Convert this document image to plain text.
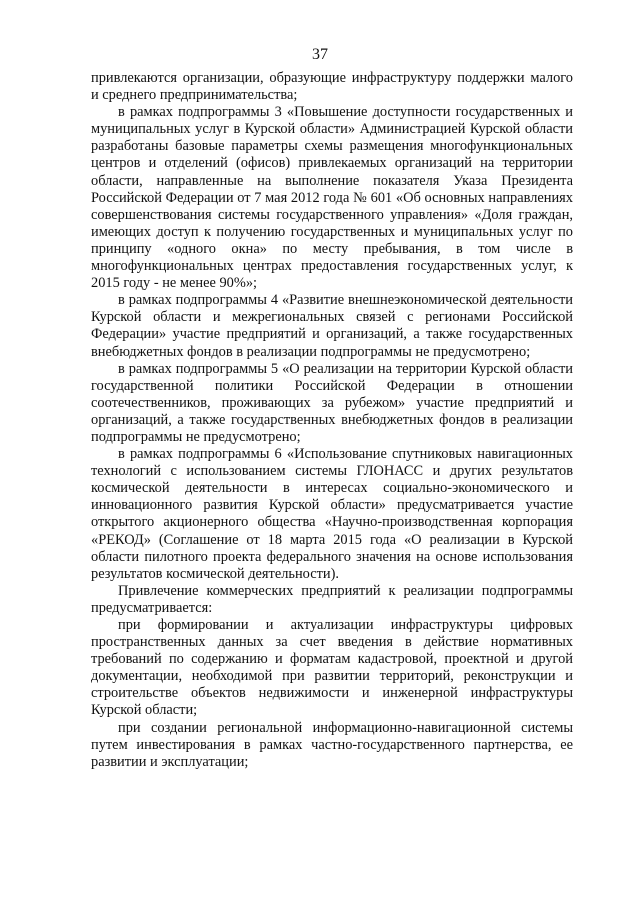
37

привлекаются организации, образующие инфраструктуру поддержки малого и среднего предпринимательства;

в рамках подпрограммы 3 «Повышение доступности государственных и муниципальных услуг в Курской области» Администрацией Курской области разработаны базовые параметры схемы размещения многофункциональных центров и отделений (офисов) привлекаемых организаций на территории области, направленные на выполнение показателя Указа Президента Российской Федерации от 7 мая 2012 года № 601 «Об основных направлениях совершенствования системы государственного управления» «Доля граждан, имеющих доступ к получению государственных и муниципальных услуг по принципу «одного окна» по месту пребывания, в том числе в многофункциональных центрах предоставления государственных услуг, к 2015 году - не менее 90%»;

в рамках подпрограммы 4 «Развитие внешнеэкономической деятельности Курской области и межрегиональных связей с регионами Российской Федерации» участие предприятий и организаций, а также государственных внебюджетных фондов в реализации подпрограммы не предусмотрено;

в рамках подпрограммы 5 «О реализации на территории Курской области государственной политики Российской Федерации в отношении соотечественников, проживающих за рубежом» участие предприятий и организаций, а также государственных внебюджетных фондов в реализации подпрограммы не предусмотрено;

в рамках подпрограммы 6 «Использование спутниковых навигационных технологий с использованием системы ГЛОНАСС и других результатов космической деятельности в интересах социально-экономического и инновационного развития Курской области» предусматривается участие открытого акционерного общества «Научно-производственная корпорация «РЕКОД» (Соглашение от 18 марта 2015 года «О реализации в Курской области пилотного проекта федерального значения на основе использования результатов космической деятельности).

Привлечение коммерческих предприятий к реализации подпрограммы предусматривается:

при формировании и актуализации инфраструктуры цифровых пространственных данных за счет введения в действие нормативных требований по содержанию и форматам кадастровой, проектной и другой документации, необходимой при развитии территорий, реконструкции и строительстве объектов недвижимости и инженерной инфраструктуры Курской области;

при создании региональной информационно-навигационной системы путем инвестирования в рамках частно-государственного партнерства, ее развитии и эксплуатации;
